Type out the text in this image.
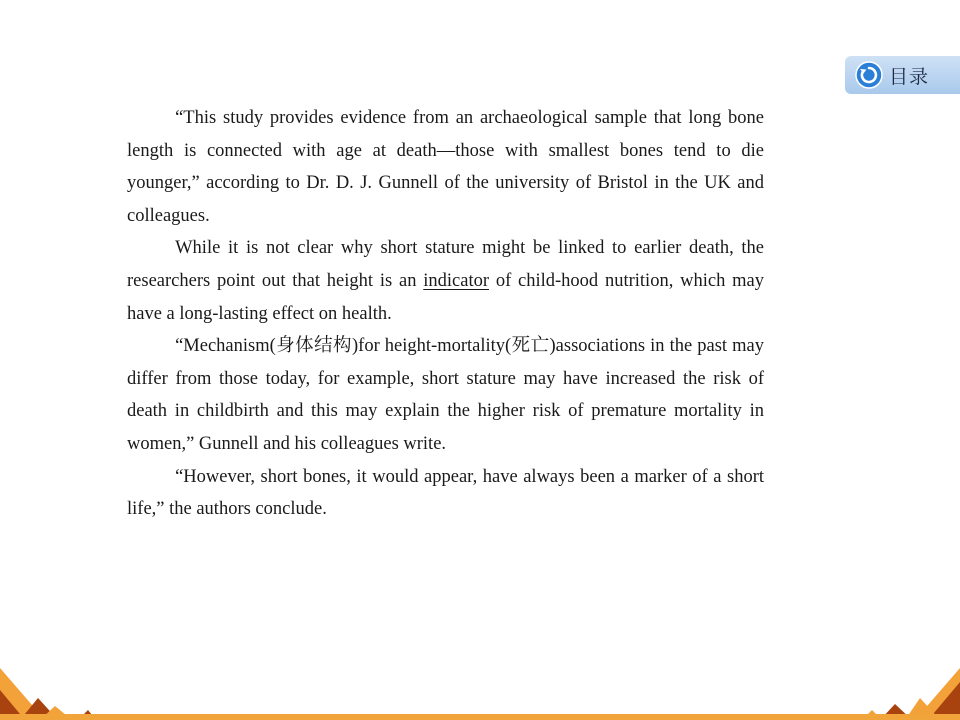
目录

“This study provides evidence from an archaeological sample that long bone length is connected with age at death—those with smallest bones tend to die younger,” according to Dr. D. J. Gunnell of the university of Bristol in the UK and colleagues.

While it is not clear why short stature might be linked to earlier death, the researchers point out that height is an indicator of child-hood nutrition, which may have a long-lasting effect on health.

“Mechanism(身体结构)for height-mortality(死亡)associations in the past may differ from those today, for example, short stature may have increased the risk of death in childbirth and this may explain the higher risk of premature mortality in women,” Gunnell and his colleagues write.

“However, short bones, it would appear, have always been a marker of a short life,” the authors conclude.
